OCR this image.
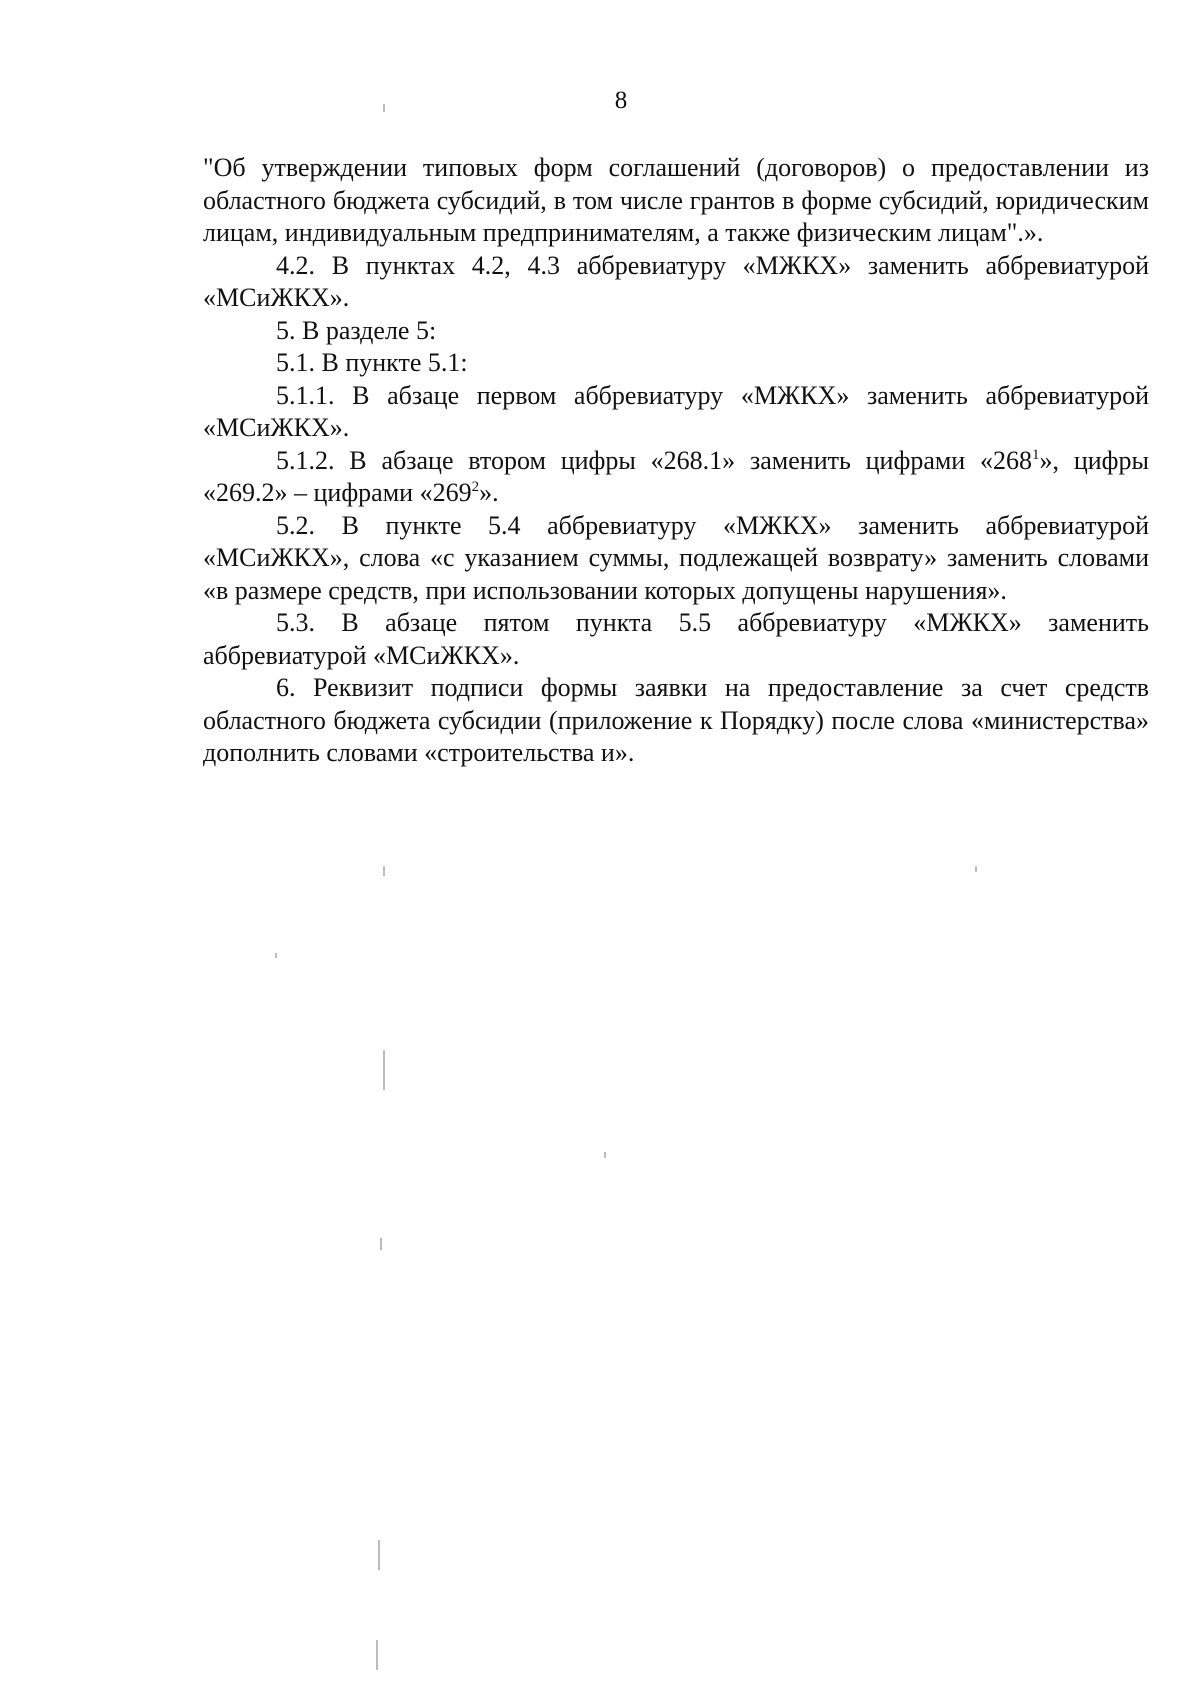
8

"Об утверждении типовых форм соглашений (договоров) о предоставлении из областного бюджета субсидий, в том числе грантов в форме субсидий, юридическим лицам, индивидуальным предпринимателям, а также физическим лицам".».

4.2. В пунктах 4.2, 4.3 аббревиатуру «МЖКХ» заменить аббревиатурой «МСиЖКХ».

5. В разделе 5:

5.1. В пункте 5.1:

5.1.1. В абзаце первом аббревиатуру «МЖКХ» заменить аббревиатурой «МСиЖКХ».

5.1.2. В абзаце втором цифры «268.1» заменить цифрами «$268^1$», цифры «269.2» – цифрами «$269^2$».

5.2. В пункте 5.4 аббревиатуру «МЖКХ» заменить аббревиатурой «МСиЖКХ», слова «с указанием суммы, подлежащей возврату» заменить словами «в размере средств, при использовании которых допущены нарушения».

5.3. В абзаце пятом пункта 5.5 аббревиатуру «МЖКХ» заменить аббревиатурой «МСиЖКХ».

6. Реквизит подписи формы заявки на предоставление за счет средств областного бюджета субсидии (приложение к Порядку) после слова «министерства» дополнить словами «строительства и».
